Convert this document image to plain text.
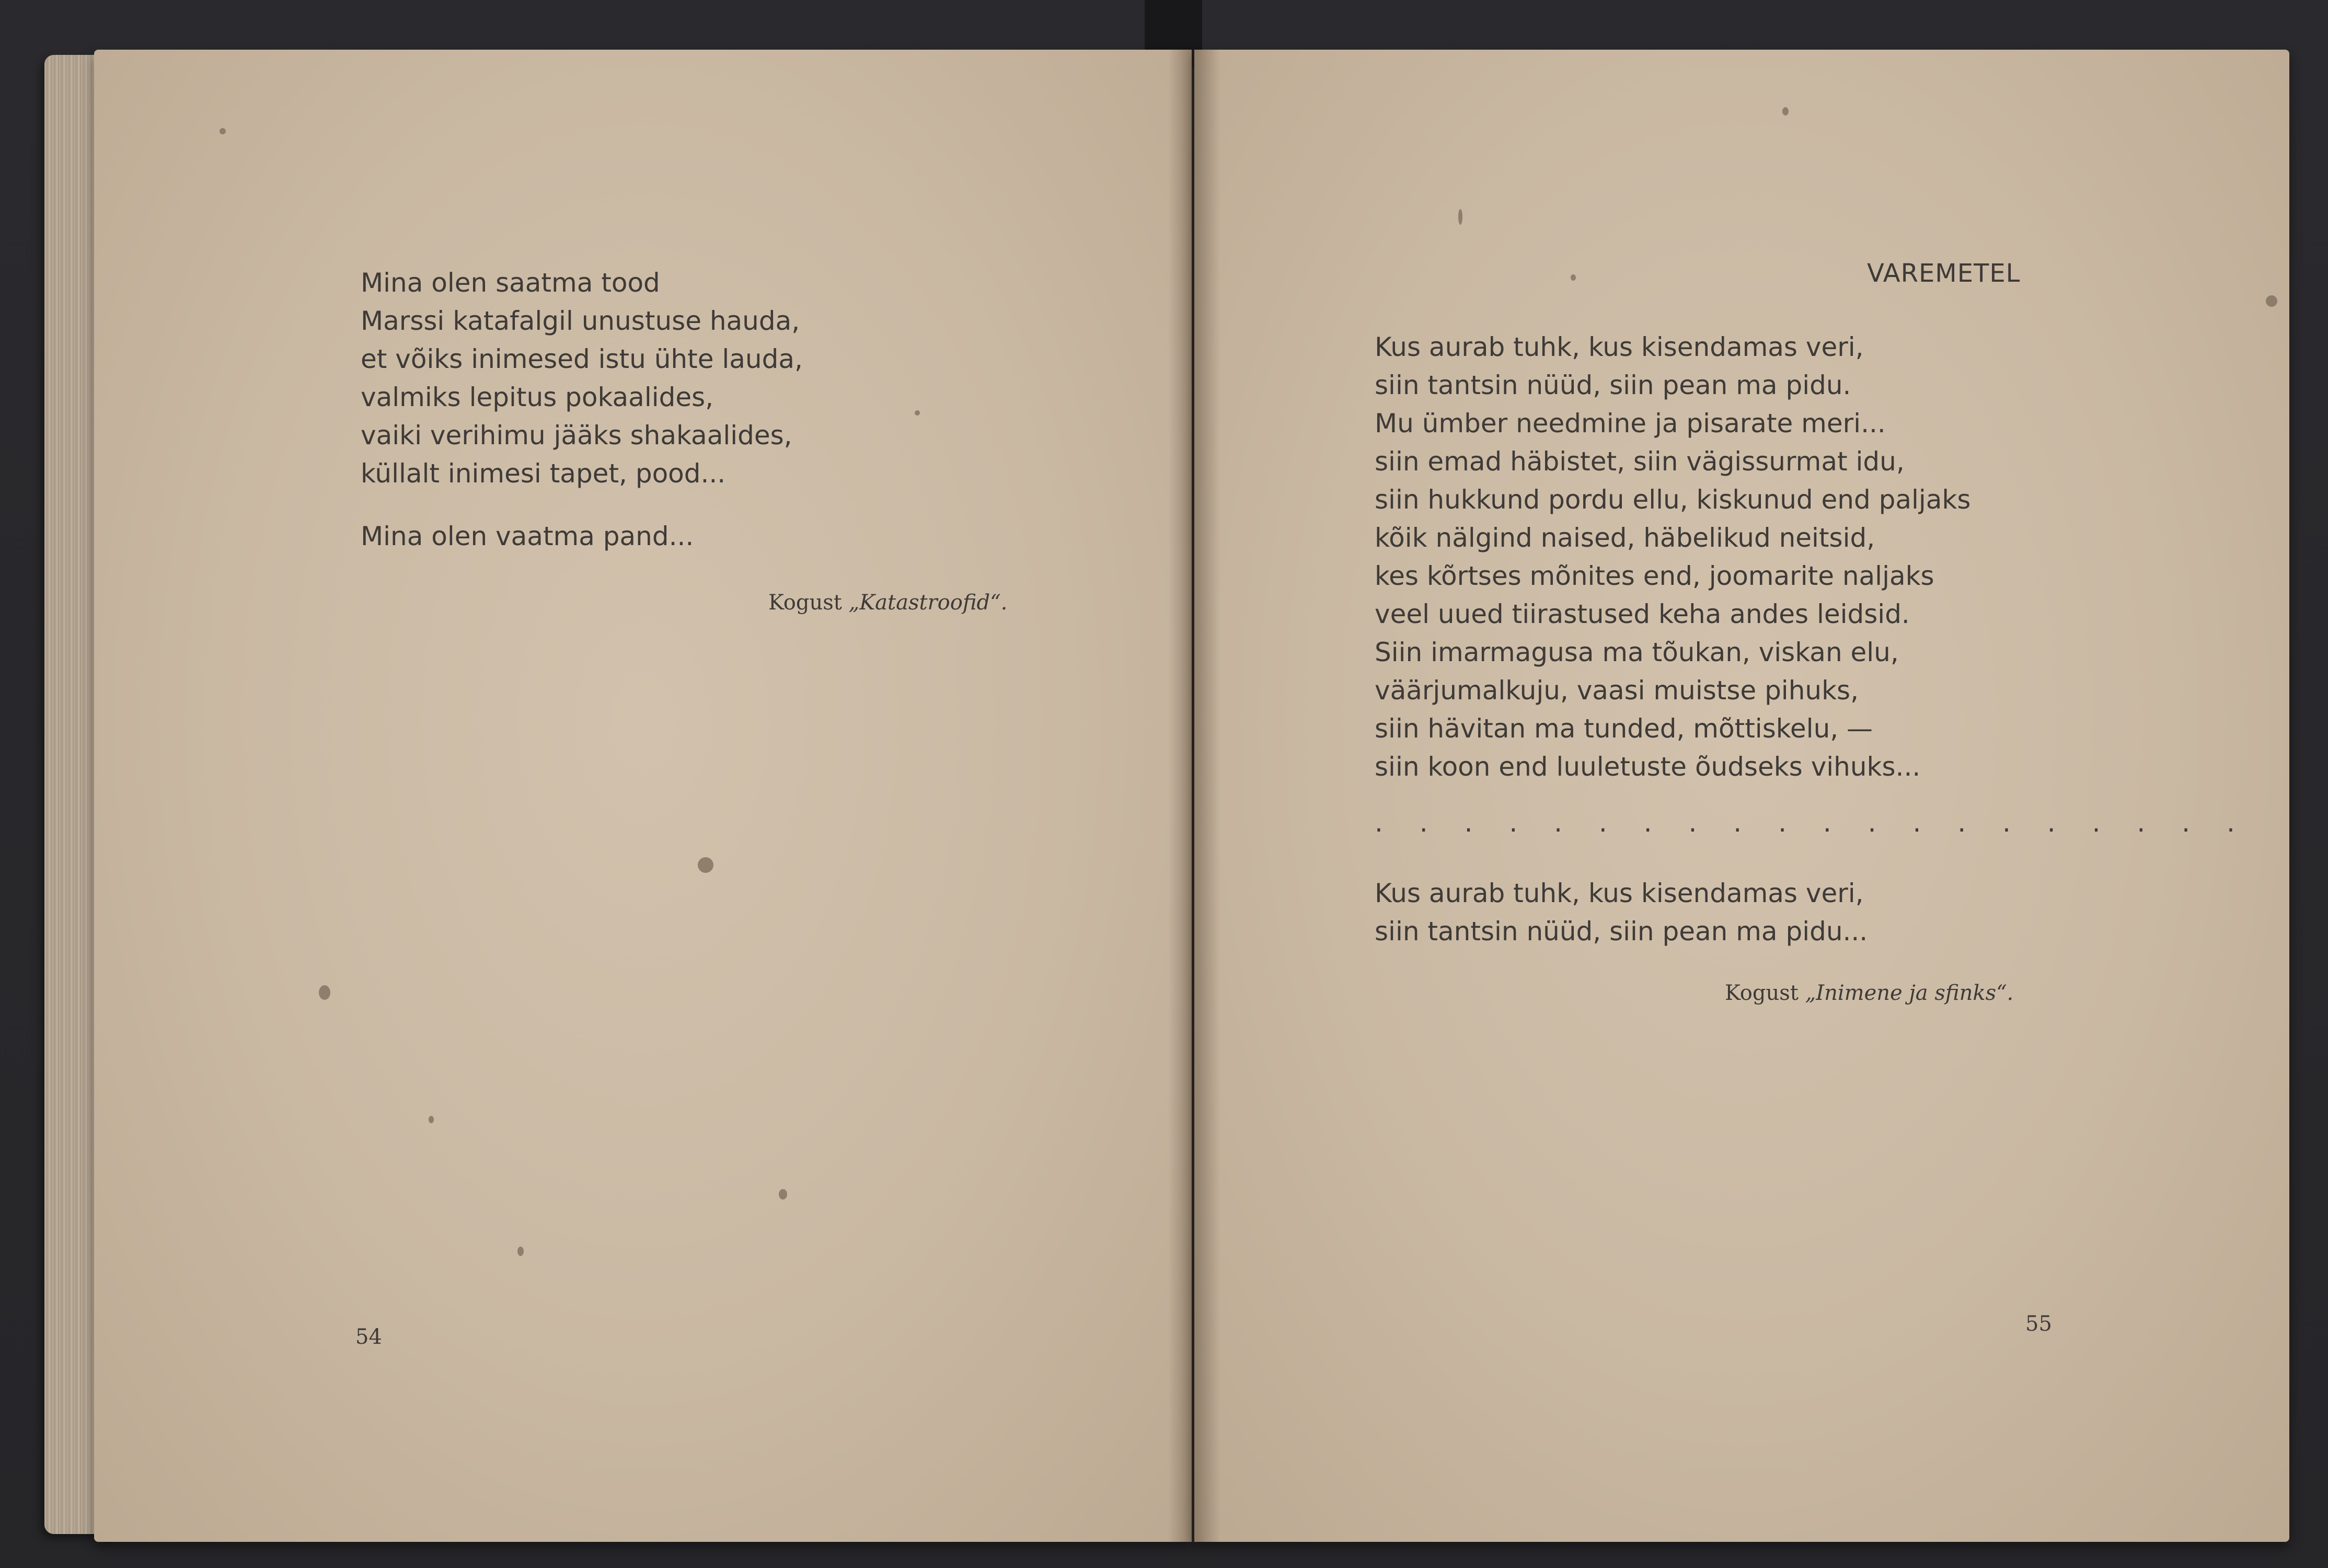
Mina olen saatma tood
Marssi katafalgil unustuse hauda,
et võiks inimesed istu ühte lauda,
valmiks lepitus pokaalides,
vaiki verihimu jääks shakaalides,
küllalt inimesi tapet, pood...
Mina olen vaatma pand...
Kogust „Katastroofid“.
54
VAREMETEL
Kus aurab tuhk, kus kisendamas veri,
siin tantsin nüüd, siin pean ma pidu.
Mu ümber needmine ja pisarate meri...
siin emad häbistet, siin vägissurmat idu,
siin hukkund pordu ellu, kiskunud end paljaks
kõik nälgind naised, häbelikud neitsid,
kes kõrtses mõnites end, joomarite naljaks
veel uued tiirastused keha andes leidsid.
Siin imarmagusa ma tõukan, viskan elu,
väärjumalkuju, vaasi muistse pihuks,
siin hävitan ma tunded, mõttiskelu, —
siin koon end luuletuste õudseks vihuks...
. . . . . . . . . . . . . . . . . . . .
Kus aurab tuhk, kus kisendamas veri,
siin tantsin nüüd, siin pean ma pidu...
Kogust „Inimene ja sfinks“.
55
